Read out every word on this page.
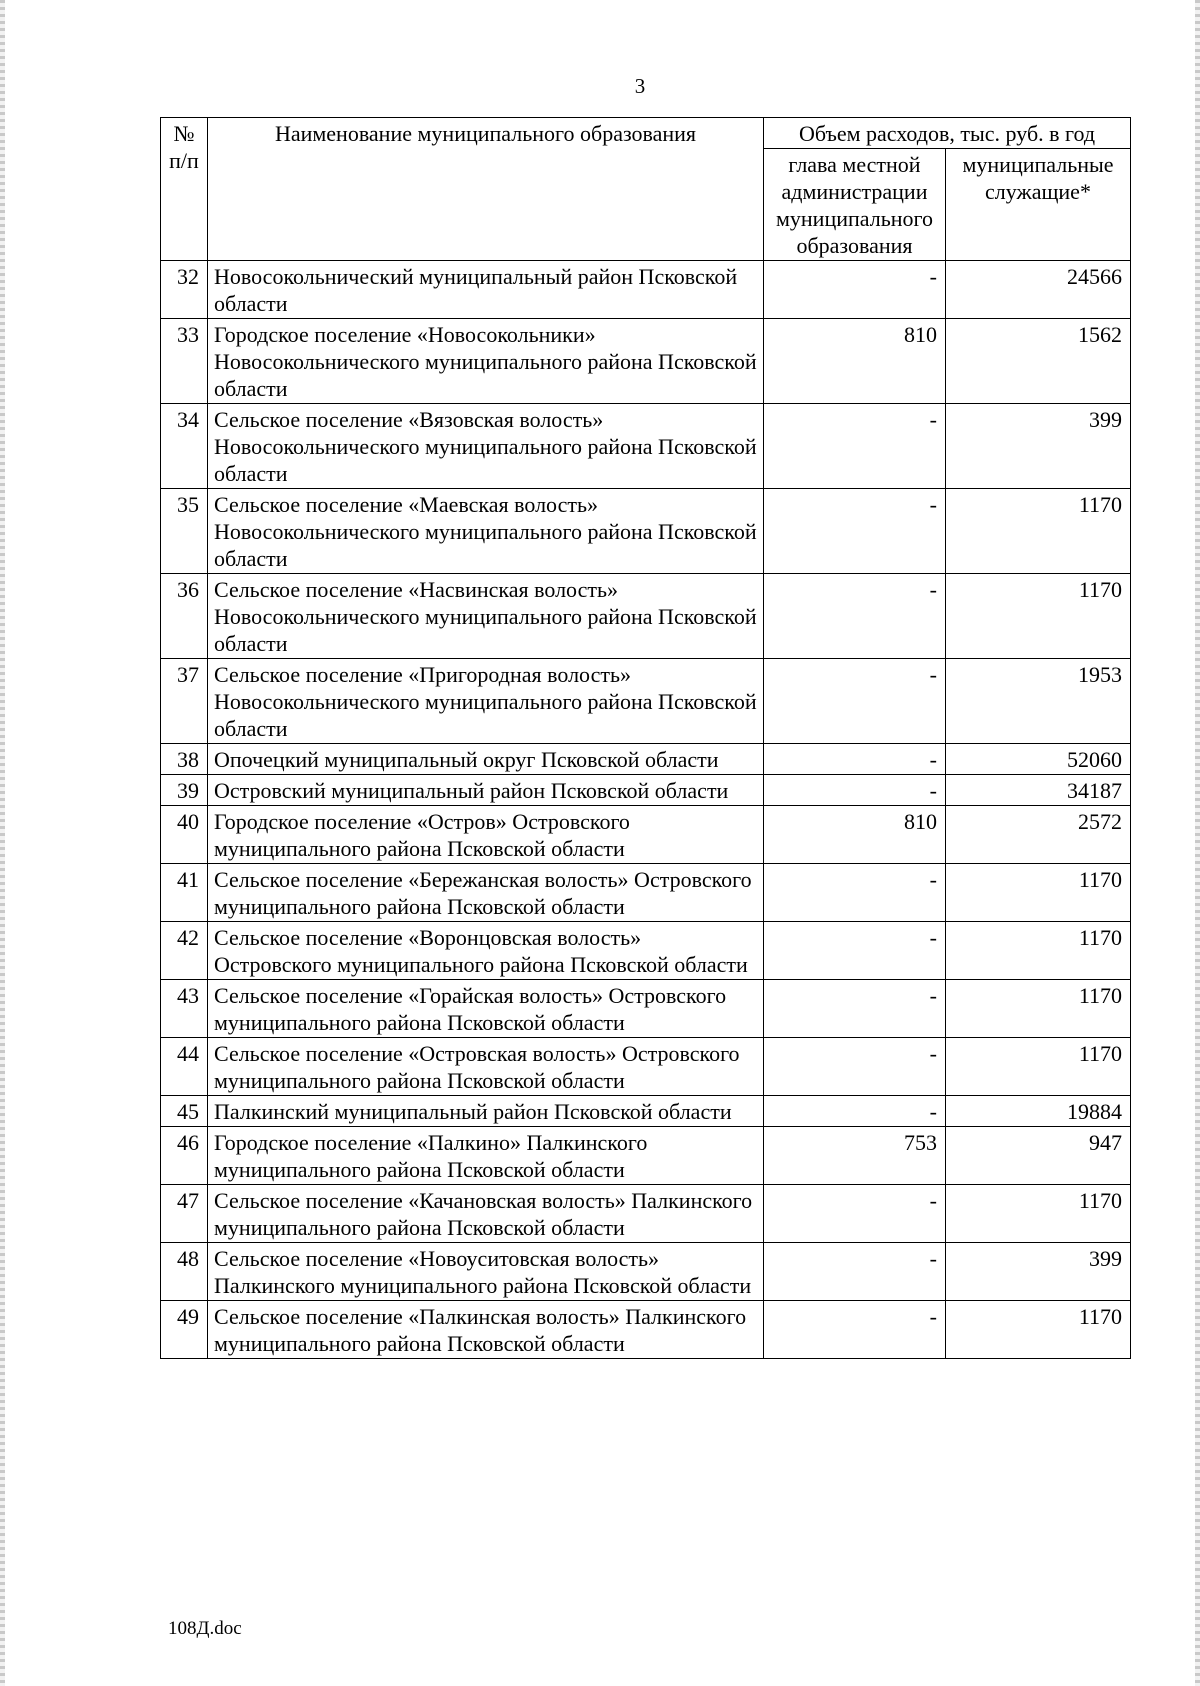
3
№ п/п	Наименование муниципального образования	Объем расходов, тыс. руб. в год	
		глава местной администрации муниципального образования	муниципальные служащие*
32	Новосокольнический муниципальный район Псковской области	-	24566
33	Городское поселение «Новосокольники» Новосокольнического муниципального района Псковской области	810	1562
34	Сельское поселение «Вязовская волость» Новосокольнического муниципального района Псковской области	-	399
35	Сельское поселение «Маевская волость» Новосокольнического муниципального района Псковской области	-	1170
36	Сельское поселение «Насвинская волость» Новосокольнического муниципального района Псковской области	-	1170
37	Сельское поселение «Пригородная волость» Новосокольнического муниципального района Псковской области	-	1953
38	Опочецкий муниципальный округ Псковской области	-	52060
39	Островский муниципальный район Псковской области	-	34187
40	Городское поселение «Остров» Островского муниципального района Псковской области	810	2572
41	Сельское поселение «Бережанская волость» Островского муниципального района Псковской области	-	1170
42	Сельское поселение «Воронцовская волость» Островского муниципального района Псковской области	-	1170
43	Сельское поселение «Горайская волость» Островского муниципального района Псковской области	-	1170
44	Сельское поселение «Островская волость» Островского муниципального района Псковской области	-	1170
45	Палкинский муниципальный район Псковской области	-	19884
46	Городское поселение «Палкино» Палкинского муниципального района Псковской области	753	947
47	Сельское поселение «Качановская волость» Палкинского муниципального района Псковской области	-	1170
48	Сельское поселение «Новоуситовская волость» Палкинского муниципального района Псковской области	-	399
49	Сельское поселение «Палкинская волость» Палкинского муниципального района Псковской области	-	1170
108Д.doc
